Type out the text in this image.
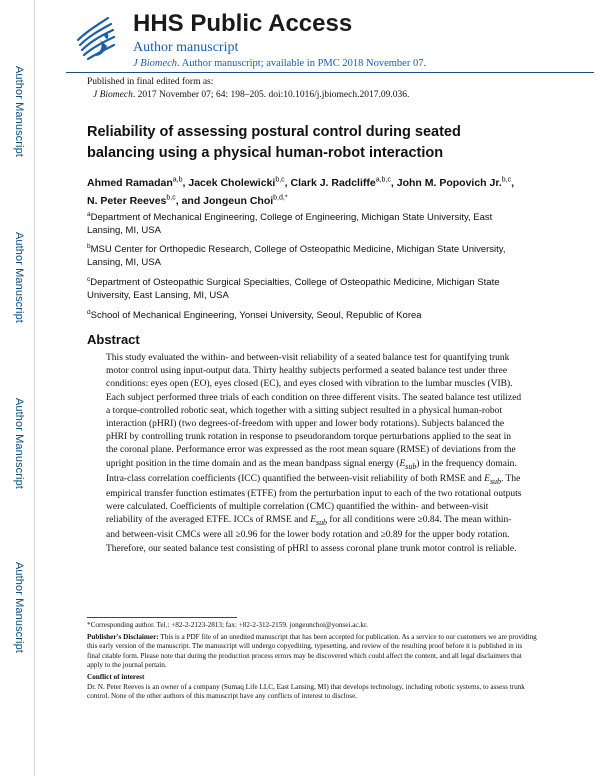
Author Manuscript
Author Manuscript
Author Manuscript
Author Manuscript
HHS Public Access
Author manuscript
J Biomech. Author manuscript; available in PMC 2018 November 07.
Published in final edited form as:
J Biomech. 2017 November 07; 64: 198–205. doi:10.1016/j.jbiomech.2017.09.036.
Reliability of assessing postural control during seated balancing using a physical human-robot interaction
Ahmed Ramadan$^{a,b}$, Jacek Cholewicki$^{b,c}$, Clark J. Radcliffe$^{a,b,c}$, John M. Popovich Jr.$^{b,c}$, N. Peter Reeves$^{b,c}$, and Jongeun Choi$^{b,d,*}$
$^a$Department of Mechanical Engineering, College of Engineering, Michigan State University, East Lansing, MI, USA
$^b$MSU Center for Orthopedic Research, College of Osteopathic Medicine, Michigan State University, Lansing, MI, USA
$^c$Department of Osteopathic Surgical Specialties, College of Osteopathic Medicine, Michigan State University, East Lansing, MI, USA
$^d$School of Mechanical Engineering, Yonsei University, Seoul, Republic of Korea
Abstract

This study evaluated the within- and between-visit reliability of a seated balance test for quantifying trunk motor control using input-output data. Thirty healthy subjects performed a seated balance test under three conditions: eyes open (EO), eyes closed (EC), and eyes closed with vibration to the lumbar muscles (VIB). Each subject performed three trials of each condition on three different visits. The seated balance test utilized a torque-controlled robotic seat, which together with a sitting subject resulted in a physical human-robot interaction (pHRI) (two degrees-of-freedom with upper and lower body rotations). Subjects balanced the pHRI by controlling trunk rotation in response to pseudorandom torque perturbations applied to the seat in the coronal plane. Performance error was expressed as the root mean square (RMSE) of deviations from the upright position in the time domain and as the mean bandpass signal energy $(E_{sub})$ in the frequency domain. Intra-class correlation coefficients (ICC) quantified the between-visit reliability of both RMSE and $E_{sub}$. The empirical transfer function estimates (ETFE) from the perturbation input to each of the two rotational outputs were calculated. Coefficients of multiple correlation (CMC) quantified the within- and between-visit reliability of the averaged ETFE. ICCs of RMSE and $E_{sub}$ for all conditions were ≥0.84. The mean within- and between-visit CMCs were all ≥0.96 for the lower body rotation and ≥0.89 for the upper body rotation. Therefore, our seated balance test consisting of pHRI to assess coronal plane trunk motor control is reliable.

*Corresponding author. Tel.: +82-2-2123-2813; fax: +82-2-312-2159. jongeunchoi@yonsei.ac.kr.

Publisher's Disclaimer: This is a PDF file of an unedited manuscript that has been accepted for publication. As a service to our customers we are providing this early version of the manuscript. The manuscript will undergo copyediting, typesetting, and review of the resulting proof before it is published in its final citable form. Please note that during the production process errors may be discovered which could affect the content, and all legal disclaimers that apply to the journal pertain.

Conflict of interest

Dr. N. Peter Reeves is an owner of a company (Sumaq Life LLC, East Lansing, MI) that develops technology, including robotic systems, to assess trunk control. None of the other authors of this manuscript have any conflicts of interest to disclose.
